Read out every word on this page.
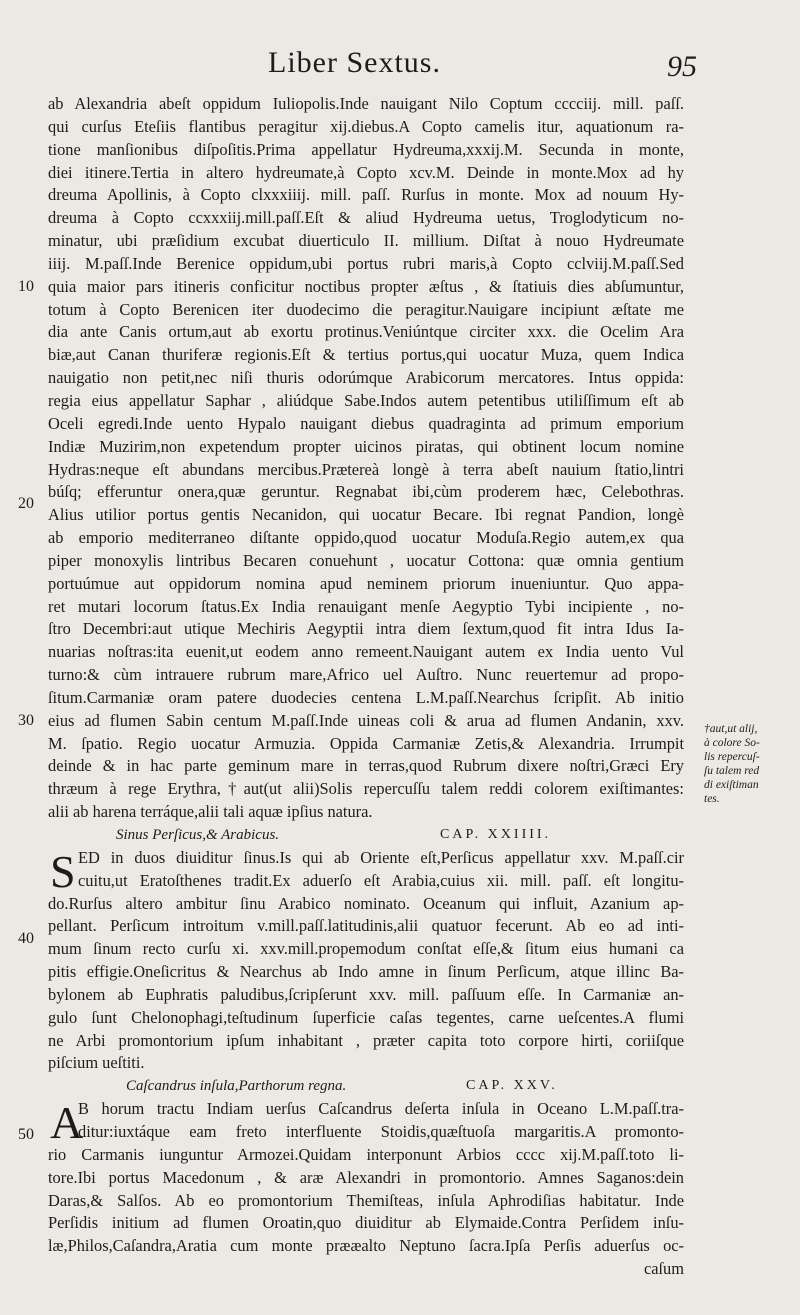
Liber Sextus.	95
10
20
30
40
50
ab Alexandria abeſt oppidum Iuliopolis.Inde nauigant Nilo Coptum cccciij. mill. paſſ.
qui curſus Eteſiis flantibus peragitur xij.diebus.A Copto camelis itur, aquationum ra-
tione manſionibus diſpoſitis.Prima appellatur Hydreuma,xxxij.M. Secunda in monte,
diei itinere.Tertia in altero hydreumate,à Copto xcv.M. Deinde in monte.Mox ad hy
dreuma Apollinis, à Copto clxxxiiij. mill. paſſ. Rurſus in monte. Mox ad nouum Hy-
dreuma à Copto ccxxxiij.mill.paſſ.Eſt & aliud Hydreuma uetus, Troglodyticum no-
minatur, ubi præſidium excubat diuerticulo II. millium. Diſtat à nouo Hydreumate
iiij. M.paſſ.Inde Berenice oppidum,ubi portus rubri maris,à Copto cclviij.M.paſſ.Sed
quia maior pars itineris conficitur noctibus propter æſtus , & ſtatiuis dies abſumuntur,
totum à Copto Berenicen iter duodecimo die peragitur.Nauigare incipiunt æſtate me
dia ante Canis ortum,aut ab exortu protinus.Veniúntque circiter xxx. die Ocelim Ara
biæ,aut Canan thuriferæ regionis.Eſt & tertius portus,qui uocatur Muza, quem Indica
nauigatio non petit,nec niſi thuris odorúmque Arabicorum mercatores. Intus oppida:
regia eius appellatur Saphar , aliúdque Sabe.Indos autem petentibus utiliſſimum eſt ab
Ocelі egredi.Inde uento Hypalo nauigant diebus quadraginta ad primum emporium
Indiæ Muzirim,non expetendum propter uicinos piratas, qui obtinent locum nomine
Hydras:neque eſt abundans mercibus.Prætereà longè à terra abeſt nauium ſtatio,lintri
búſq; efferuntur onera,quæ geruntur. Regnabat ibi,cùm proderem hæc, Celebothras.
Alius utilior portus gentis Necanidon, qui uocatur Becare. Ibi regnat Pandion, longè
ab emporio mediterraneo diſtante oppido,quod uocatur Moduſa.Regio autem,ex qua
piper monoxylis lintribus Becaren conuehunt , uocatur Cottona: quæ omnia gentium
portuúmue aut oppidorum nomina apud neminem priorum inueniuntur. Quo appa-
ret mutari locorum ſtatus.Ex India renauigant menſe Aegyptio Tybi incipiente , no-
ſtro Decembri:aut utique Mechiris Aegyptii intra diem ſextum,quod fit intra Idus Ia-
nuarias noſtras:ita euenit,ut eodem anno remeent.Nauigant autem ex India uento Vul
turno:& cùm intrauere rubrum mare,Africo uel Auſtro. Nunc reuertemur ad propo-
ſitum.Carmaniæ oram patere duodecies centena L.M.paſſ.Nearchus ſcripſit. Ab initio
eius ad flumen Sabin centum M.paſſ.Inde uineas coli & arua ad flumen Andanin, xxv.
M. ſpatio. Regio uocatur Armuzia. Oppida Carmaniæ Zetis,& Alexandria. Irrumpit
deinde & in hac parte geminum mare in terras,quod Rubrum dixere noſtri,Græci Ery
thræum à rege Erythra,†aut(ut alii)Solis repercuſſu talem reddi colorem exiſtimantes:
alii ab harena terráque,alii tali aquæ ipſius natura.
Sinus Perſicus,& Arabicus.	CAP. XXIIII.
S ED in duos diuiditur ſinus.Is qui ab Oriente eſt,Perſicus appellatur xxv. M.paſſ.cir
cuitu,ut Eratoſthenes tradit.Ex aduerſo eſt Arabia,cuius xii. mill. paſſ. eſt longitu-
do.Rurſus altero ambitur ſinu Arabico nominato. Oceanum qui influit, Azanium ap-
pellant. Perſicum introitum v.mill.paſſ.latitudinis,alii quatuor fecerunt. Ab eo ad inti-
mum ſinum recto curſu xi. xxv.mill.propemodum conſtat eſſe,& ſitum eius humani ca
pitis effigie.Oneſicritus & Nearchus ab Indo amne in ſinum Perſicum, atque illinc Ba-
bylonem ab Euphratis paludibus,ſcripſerunt xxv. mill. paſſuum eſſe. In Carmaniæ an-
gulo ſunt Chelonophagi,teſtudinum ſuperficie caſas tegentes, carne ueſcentes.A flumi
ne Arbi promontorium ipſum inhabitant , præter capita toto corpore hirti, coriiſque
piſcium ueſtiti.
Caſcandrus inſula,Parthorum regna.	CAP. XXV.
A
B horum tractu Indiam uerſus Caſcandrus deſerta inſula in Oceano L.M.paſſ.tra-
ditur:iuxtáque eam freto interfluente Stoidis,quæſtuoſa margaritis.A promonto-
rio Carmanis iunguntur Armozei.Quidam interponunt Arbios cccc xij.M.paſſ.toto li-
tore.Ibi portus Macedonum , & aræ Alexandri in promontorio. Amnes Saganos:dein
Daras,& Salſos. Ab eo promontorium Themiſteas, inſula Aphrodiſias habitatur. Inde
Perſidis initium ad flumen Oroatin,quo diuiditur ab Elymaide.Contra Perſidem inſu-
læ,Philos,Caſandra,Aratia cum monte prææalto Neptuno ſacra.Ipſa Perſis aduerſus oc-
caſum
†aut,ut alij,
à colore So-
lis repercuſ-
ſu talem red
di exiſtiman
tes.
